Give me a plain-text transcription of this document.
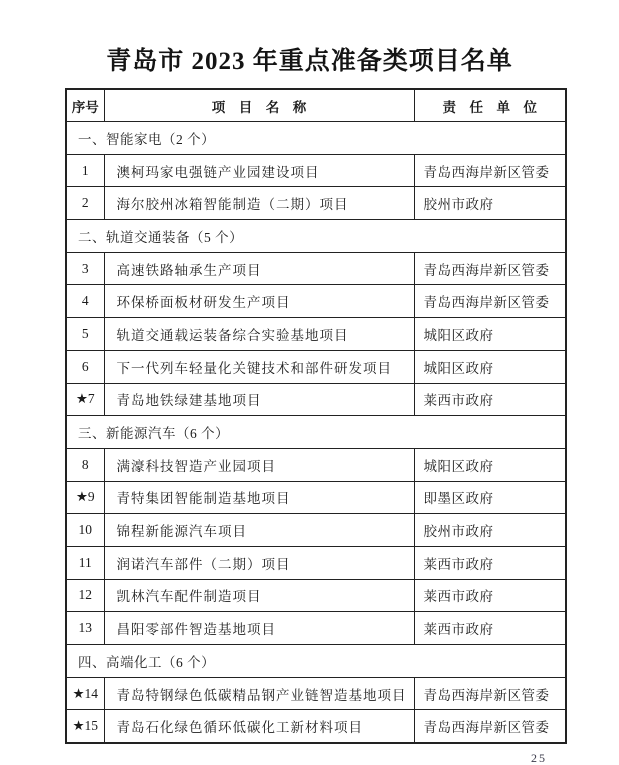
青岛市 2023 年重点准备类项目名单
序号	项　目　名　称	责　任　单　位
一、智能家电（2 个）		
1	澳柯玛家电强链产业园建设项目	青岛西海岸新区管委
2	海尔胶州冰箱智能制造（二期）项目	胶州市政府
二、轨道交通装备（5 个）		
3	高速铁路轴承生产项目	青岛西海岸新区管委
4	环保桥面板材研发生产项目	青岛西海岸新区管委
5	轨道交通载运装备综合实验基地项目	城阳区政府
6	下一代列车轻量化关键技术和部件研发项目	城阳区政府
★7	青岛地铁绿建基地项目	莱西市政府
三、新能源汽车（6 个）		
8	满濠科技智造产业园项目	城阳区政府
★9	青特集团智能制造基地项目	即墨区政府
10	锦程新能源汽车项目	胶州市政府
11	润诺汽车部件（二期）项目	莱西市政府
12	凯林汽车配件制造项目	莱西市政府
13	昌阳零部件智造基地项目	莱西市政府
四、高端化工（6 个）		
★14	青岛特钢绿色低碳精品钢产业链智造基地项目	青岛西海岸新区管委
★15	青岛石化绿色循环低碳化工新材料项目	青岛西海岸新区管委
25
